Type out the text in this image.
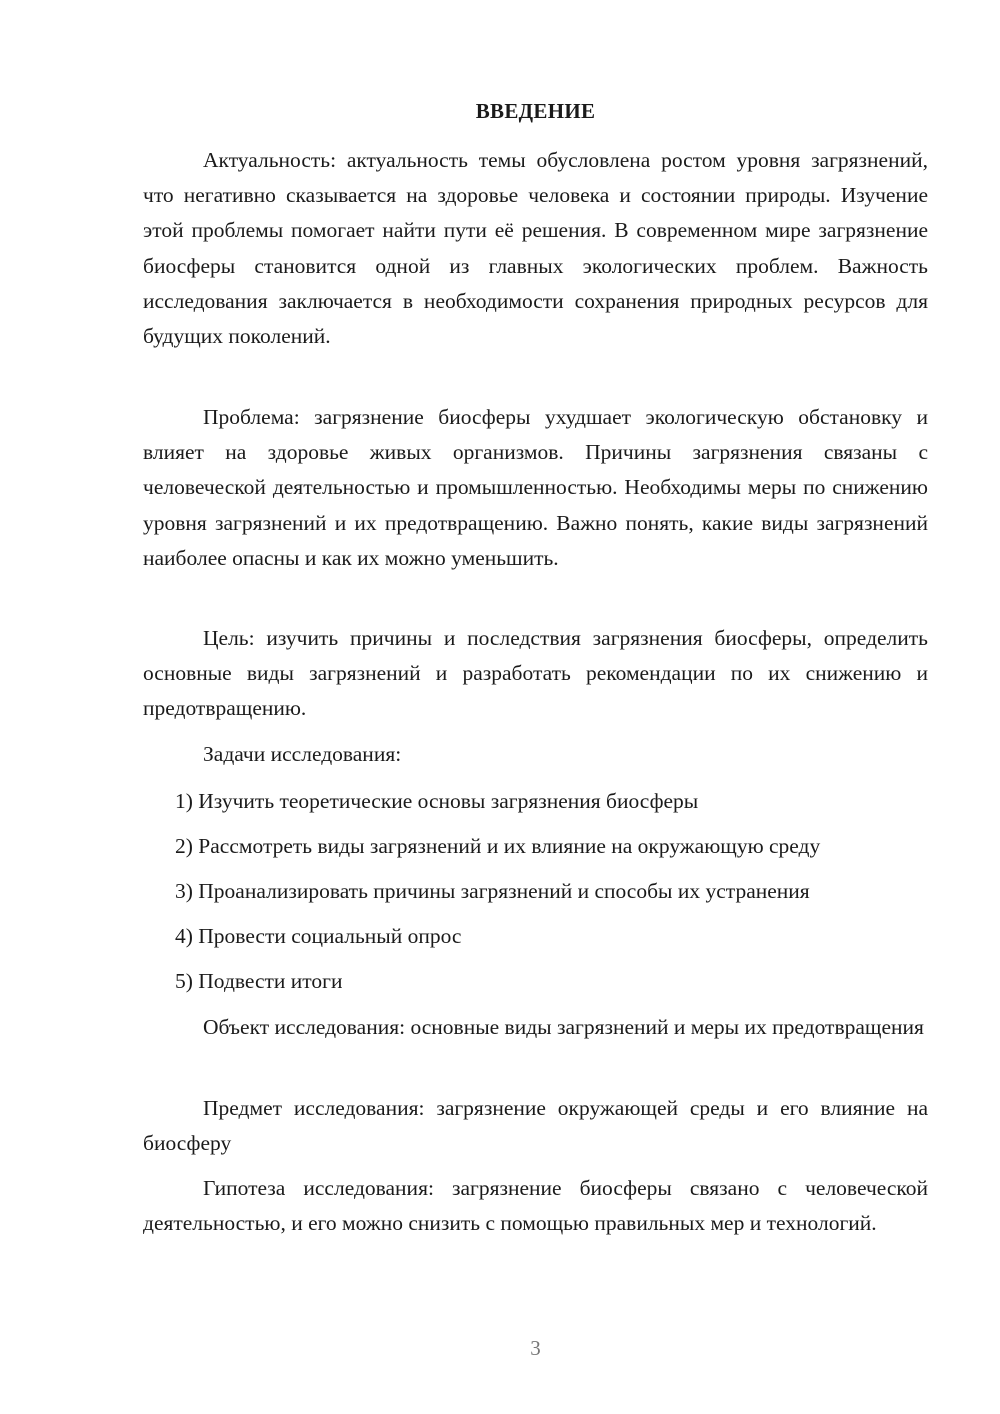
ВВЕДЕНИЕ

Актуальность: актуальность темы обусловлена ростом уровня загрязнений, что негативно сказывается на здоровье человека и состоянии природы. Изучение этой проблемы помогает найти пути её решения. В современном мире загрязнение биосферы становится одной из главных экологических проблем. Важность исследования заключается в необходимости сохранения природных ресурсов для будущих поколений.

Проблема: загрязнение биосферы ухудшает экологическую обстановку и влияет на здоровье живых организмов. Причины загрязнения связаны с человеческой деятельностью и промышленностью. Необходимы меры по снижению уровня загрязнений и их предотвращению. Важно понять, какие виды загрязнений наиболее опасны и как их можно уменьшить.

Цель: изучить причины и последствия загрязнения биосферы, определить основные виды загрязнений и разработать рекомендации по их снижению и предотвращению.

Задачи исследования:

1) Изучить теоретические основы загрязнения биосферы

2) Рассмотреть виды загрязнений и их влияние на окружающую среду

3) Проанализировать причины загрязнений и способы их устранения

4) Провести социальный опрос

5) Подвести итоги

Объект исследования: основные виды загрязнений и меры их предотвращения

Предмет исследования: загрязнение окружающей среды и его влияние на биосферу

Гипотеза исследования: загрязнение биосферы связано с человеческой деятельностью, и его можно снизить с помощью правильных мер и технологий.

3
